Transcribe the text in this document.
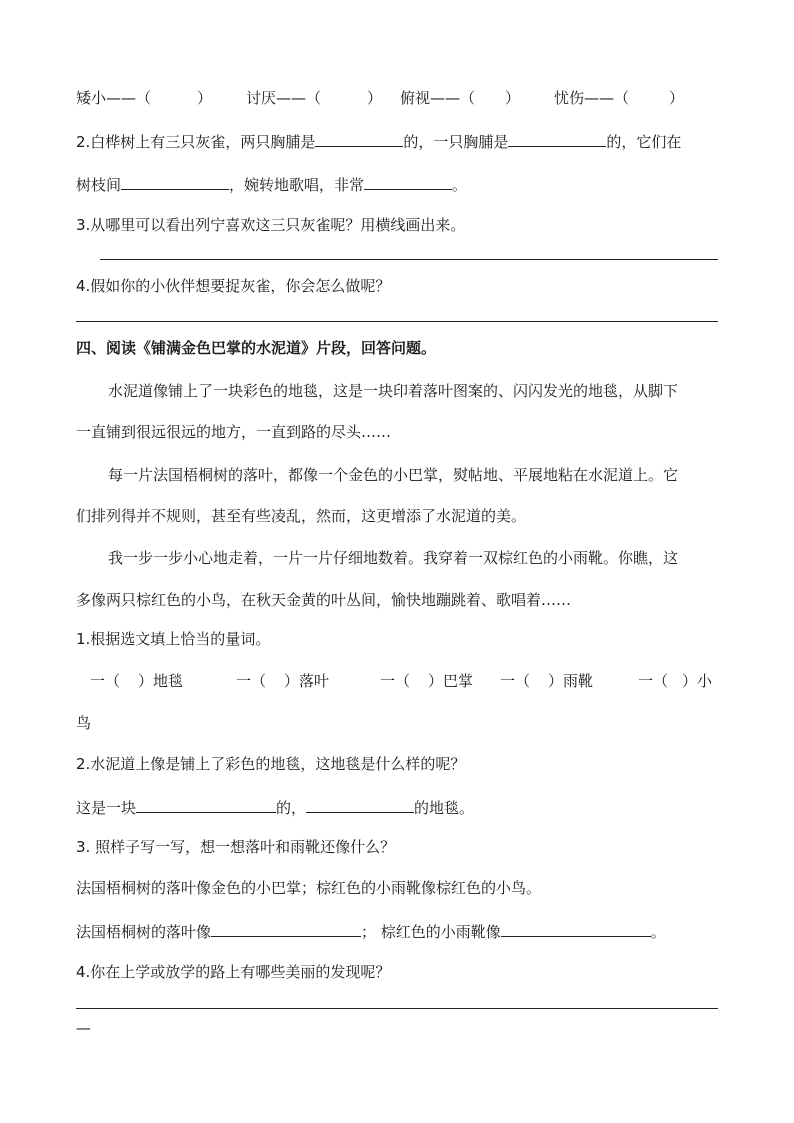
矮小——（	） 讨厌——（	） 俯视——（ ） 忧伤——（	）
2.白桦树上有三只灰雀，两只胸脯是	的，一只胸脯是	的，它们在
树枝间	，婉转地歌唱，非常	。
3.从哪里可以看出列宁喜欢这三只灰雀呢？用横线画出来。
4.假如你的小伙伴想要捉灰雀，你会怎么做呢？
四、阅读《铺满金色巴掌的水泥道》片段，回答问题。
水泥道像铺上了一块彩色的地毯，这是一块印着落叶图案的、闪闪发光的地毯，从脚下
一直铺到很远很远的地方，一直到路的尽头……
每一片法国梧桐树的落叶，都像一个金色的小巴掌，熨帖地、平展地粘在水泥道上。它
们排列得并不规则，甚至有些凌乱，然而，这更增添了水泥道的美。
我一步一步小心地走着，一片一片仔细地数着。我穿着一双棕红色的小雨靴。你瞧，这
多像两只棕红色的小鸟，在秋天金黄的叶丛间，愉快地蹦跳着、歌唱着……
1.根据选文填上恰当的量词。
一（ ）地毯	一（ ）落叶	一（ ）巴掌 一（ ）雨靴	一（ ）小
鸟
2.水泥道上像是铺上了彩色的地毯，这地毯是什么样的呢？
这是一块	的，	的地毯。
3. 照样子写一写，想一想落叶和雨靴还像什么？
法国梧桐树的落叶像金色的小巴掌；棕红色的小雨靴像棕红色的小鸟。
法国梧桐树的落叶像	； 棕红色的小雨靴像	。
4.你在上学或放学的路上有哪些美丽的发现呢？
—
